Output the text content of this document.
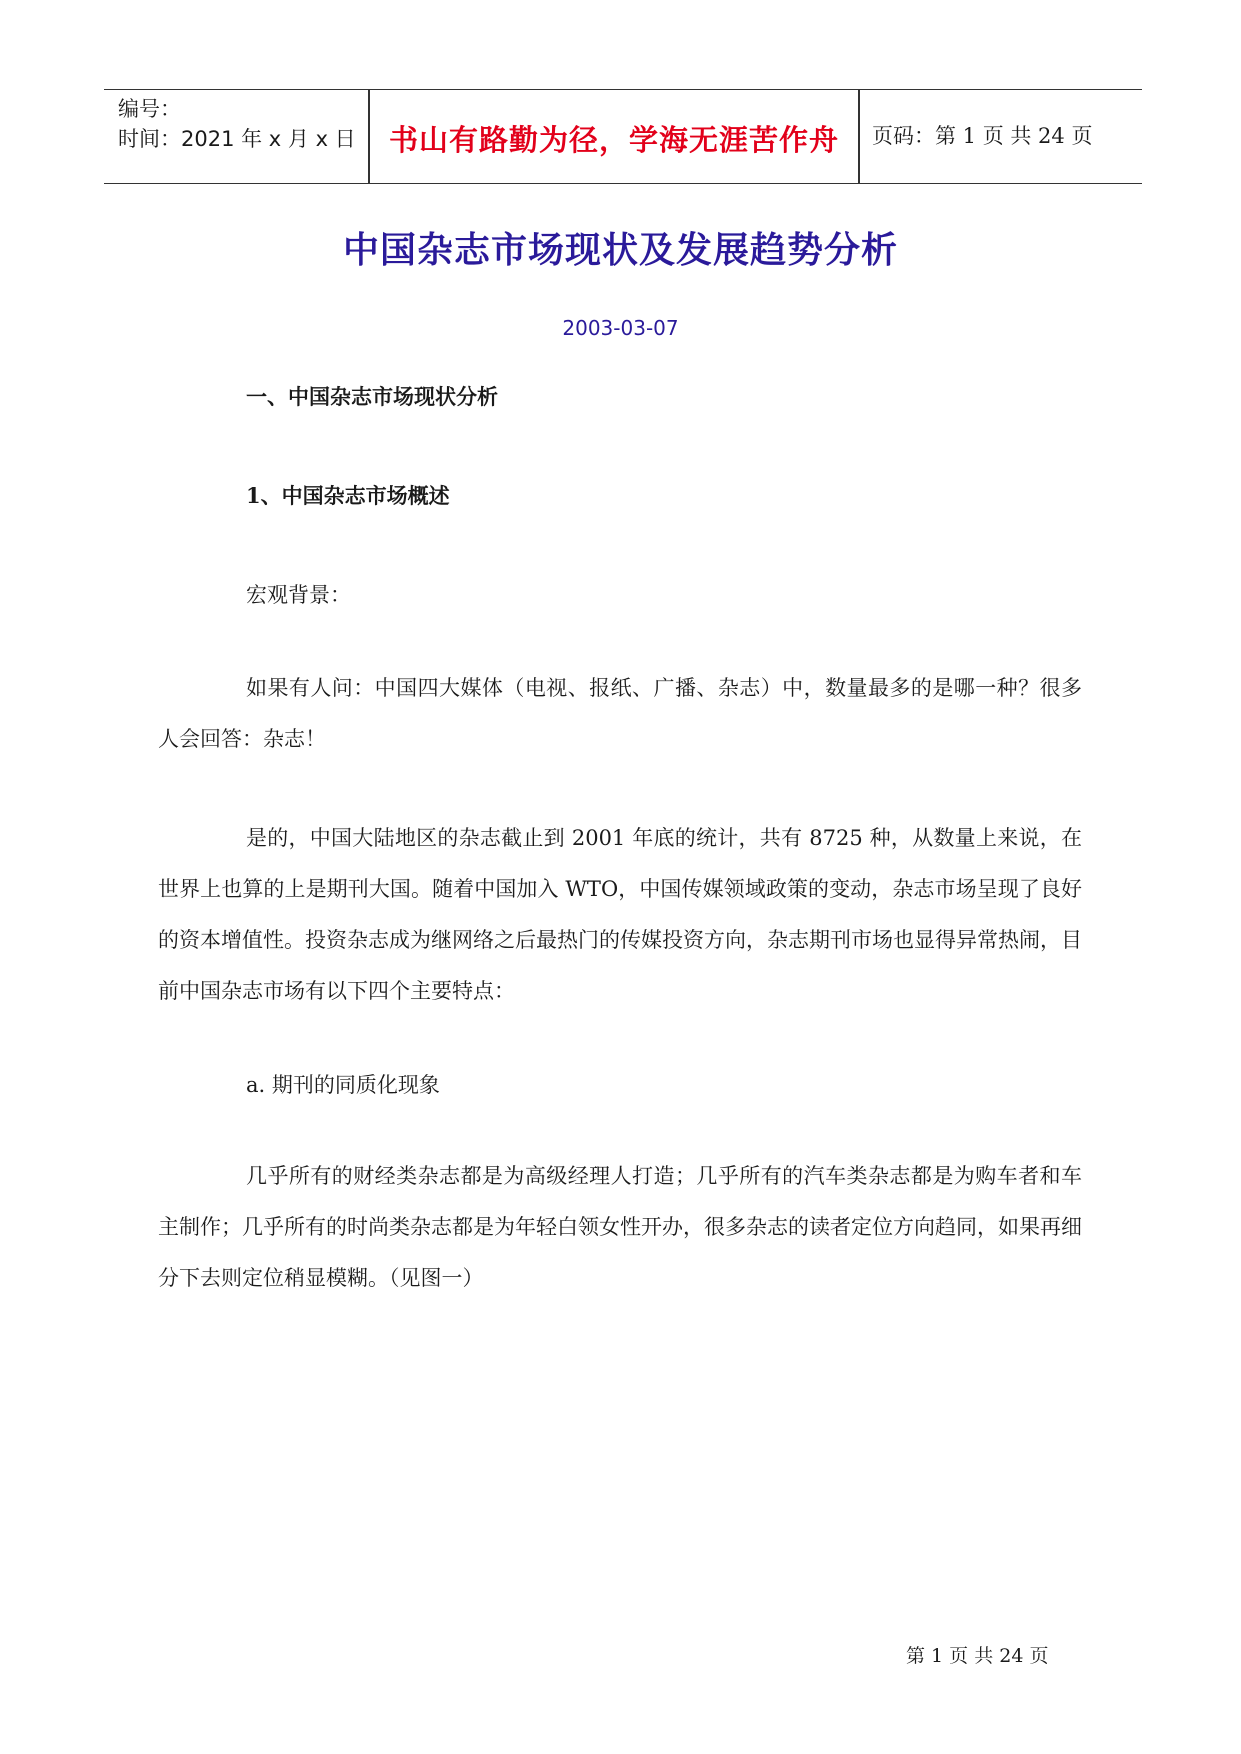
编号：
时间：2021 年 x 月 x 日	书山有路勤为径，学海无涯苦作舟	页码：第 1 页 共 24 页
中国杂志市场现状及发展趋势分析
2003-03-07
一、中国杂志市场现状分析
1、中国杂志市场概述
宏观背景：
如果有人问：中国四大媒体（电视、报纸、广播、杂志）中，数量最多的是哪一种？很多人会回答：杂志！
是的，中国大陆地区的杂志截止到 2001 年底的统计，共有 8725 种，从数量上来说，在世界上也算的上是期刊大国。随着中国加入 WTO，中国传媒领域政策的变动，杂志市场呈现了良好的资本增值性。投资杂志成为继网络之后最热门的传媒投资方向，杂志期刊市场也显得异常热闹，目前中国杂志市场有以下四个主要特点：
a. 期刊的同质化现象
几乎所有的财经类杂志都是为高级经理人打造；几乎所有的汽车类杂志都是为购车者和车主制作；几乎所有的时尚类杂志都是为年轻白领女性开办，很多杂志的读者定位方向趋同，如果再细分下去则定位稍显模糊。（见图一）
第 1 页 共 24 页
